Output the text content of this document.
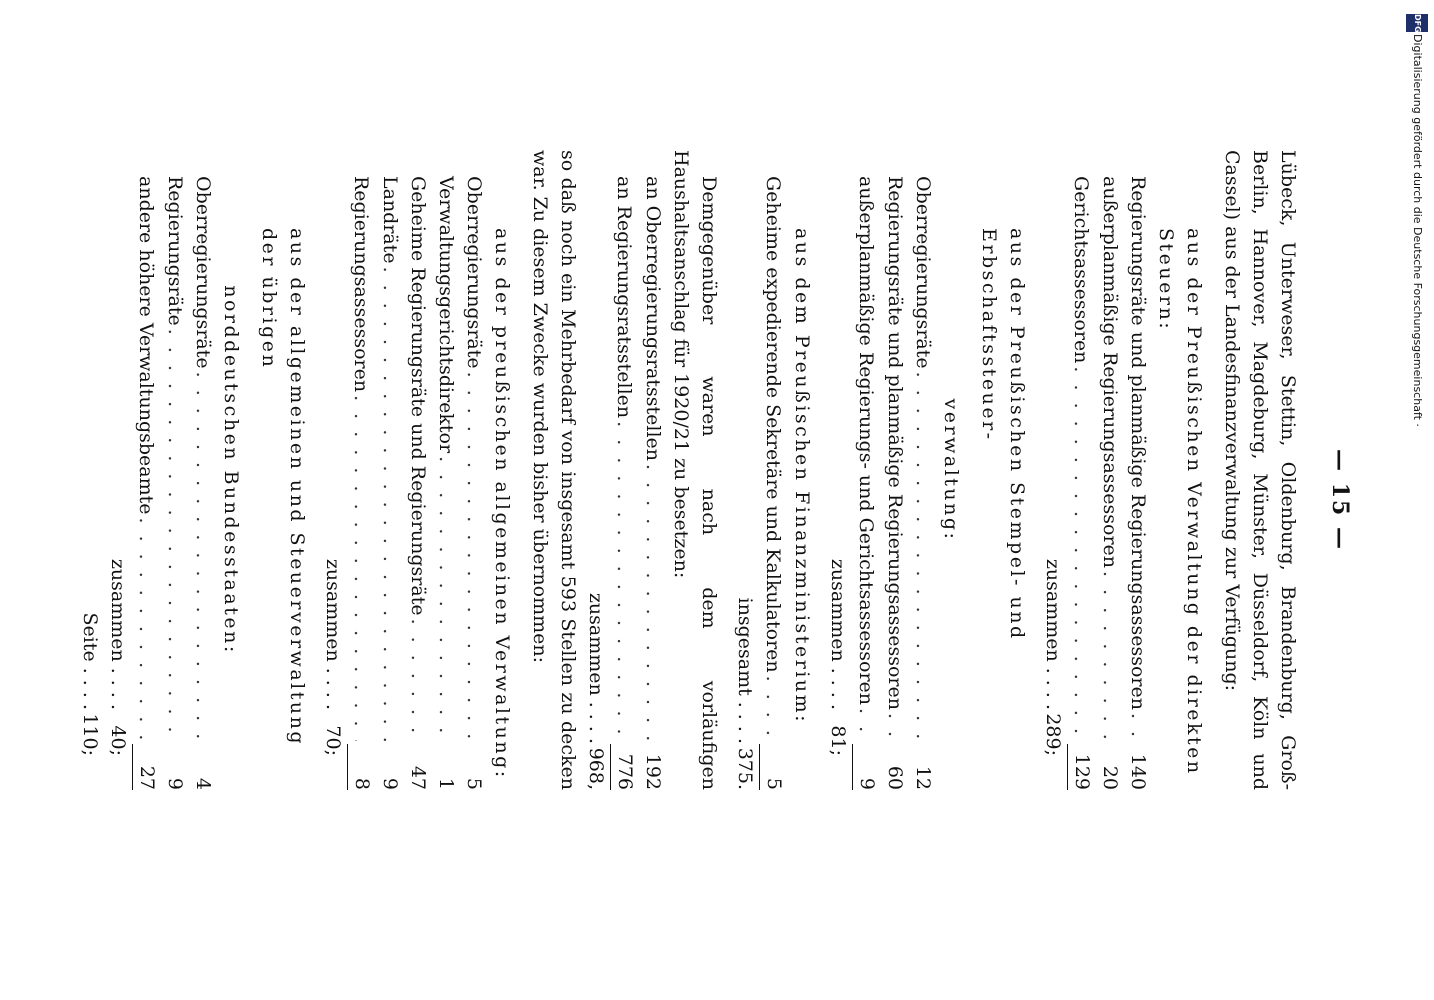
— 15 —

Lübeck, Unterweser, Stettin, Oldenburg, Brandenburg, Groß-Berlin, Hannover, Magdeburg, Münster, Düsseldorf, Köln und Cassel) aus der Landesfinanzverwaltung zur Verfügung:

aus der Preußischen Verwaltung der direkten Steuern:

Regierungsräte und planmäßige Regierungsassessoren
. . .
140
außerplanmäßige Regierungsassessoren
. . .
20
Gerichtsassessoren
. . .
129
zusammen
. . . .
289;

aus der Preußischen Stempel- und Erbschaftssteuer-

verwaltung:

Oberregierungsräte
. . .
12
Regierungsräte und planmäßige Regierungsassessoren
. . .
60
außerplanmäßige Regierungs- und Gerichtsassessoren
. . .
9
zusammen
. . . .
81;

aus dem Preußischen Finanzministerium:

Geheime expedierende Sekretäre und Kalkulatoren
. . .
5
insgesamt
. . . .
375.

Demgegenüber waren nach dem vorläufigen Haushaltsanschlag für 1920/21 zu besetzen:

an Oberregierungsratsstellen
. . .
192
an Regierungsratsstellen
. . .
776
zusammen
. . . .
968,

so daß noch ein Mehrbedarf von insgesamt 593 Stellen zu decken war. Zu diesem Zwecke wurden bisher übernommen:

aus der preußischen allgemeinen Verwaltung:

Oberregierungsräte
. . .
5
Verwaltungsgerichtsdirektor
. . .
1
Geheime Regierungsräte und Regierungsräte
. . .
47
Landräte
. . .
9
Regierungsassessoren
. . .
8
zusammen
. . . .
70;

aus der allgemeinen und Steuerverwaltung der übrigen

norddeutschen Bundesstaaten:

Oberregierungsräte
. . .
4
Regierungsräte
. . .
9
andere höhere Verwaltungsbeamte
. . .
27
zusammen
. . . .
40;
Seite
. . . .
110;
DFG
Digitalisierung gefördert durch die Deutsche Forschungsgemeinschaft ·
